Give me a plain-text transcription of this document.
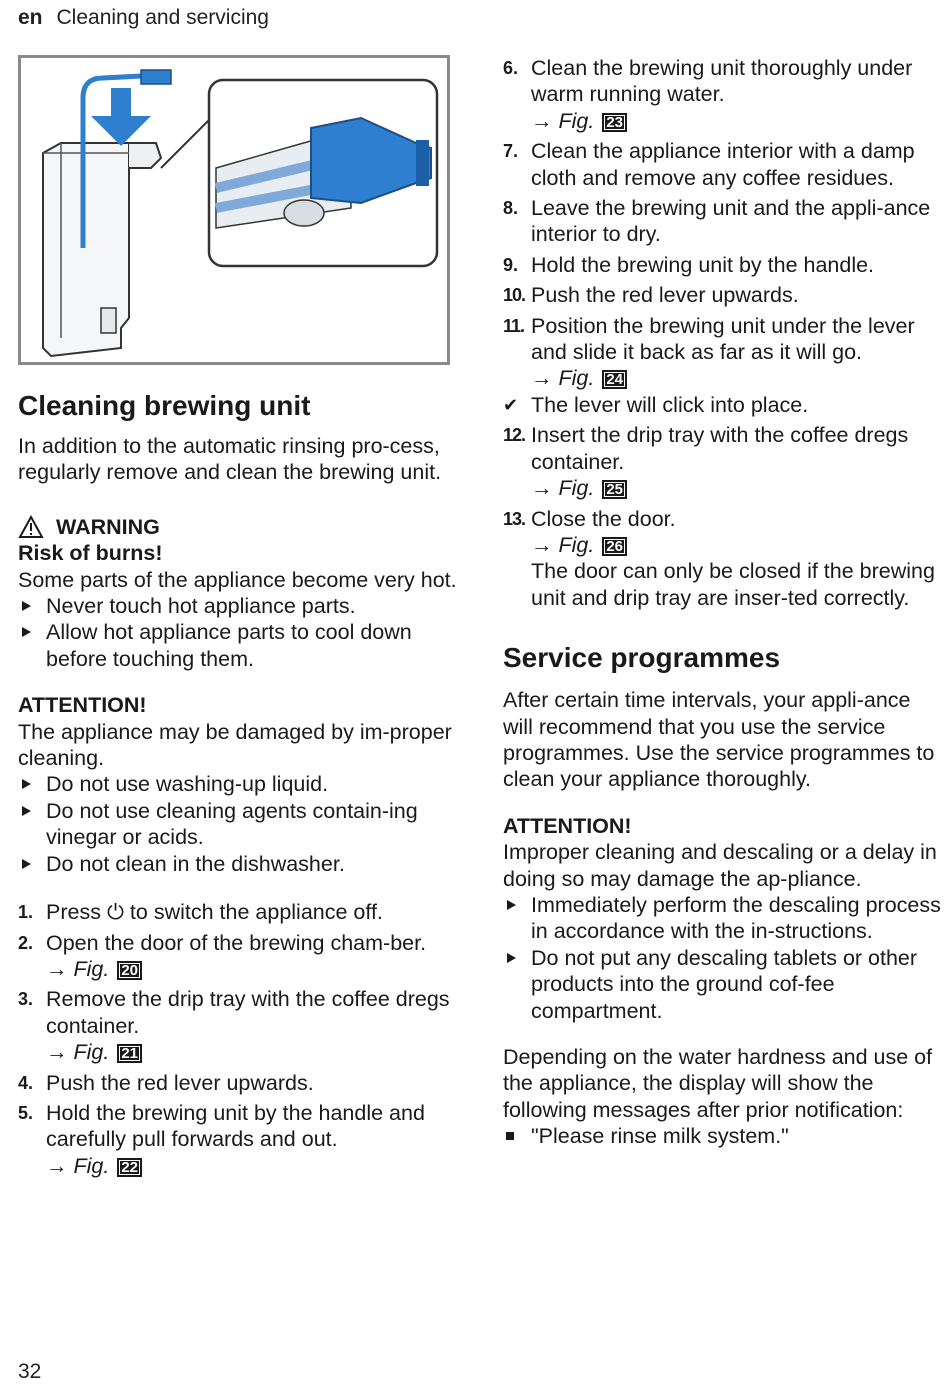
en Cleaning and servicing
Cleaning brewing unit

In addition to the automatic rinsing pro-cess, regularly remove and clean the brewing unit.

WARNING

Risk of burns!

Some parts of the appliance become very hot.

Never touch hot appliance parts.
Allow hot appliance parts to cool down before touching them.

ATTENTION!

The appliance may be damaged by im-proper cleaning.

Do not use washing-up liquid.
Do not use cleaning agents contain-ing vinegar or acids.
Do not clean in the dishwasher.
1. Press ⏻ to switch the appliance off.
2. Open the door of the brewing cham-ber.
→ Fig. 20
3. Remove the drip tray with the coffee dregs container.
→ Fig. 21
4. Push the red lever upwards.
5. Hold the brewing unit by the handle and carefully pull forwards and out.
→ Fig. 22
6. Clean the brewing unit thoroughly under warm running water.
→ Fig. 23
7. Clean the appliance interior with a damp cloth and remove any coffee residues.
8. Leave the brewing unit and the appli-ance interior to dry.
9. Hold the brewing unit by the handle.
10. Push the red lever upwards.
11. Position the brewing unit under the lever and slide it back as far as it will go.
→ Fig. 24
✔ The lever will click into place.
12. Insert the drip tray with the coffee dregs container.
→ Fig. 25
13. Close the door.
→ Fig. 26
The door can only be closed if the brewing unit and drip tray are inser-ted correctly.
Service programmes

After certain time intervals, your appli-ance will recommend that you use the service programmes. Use the service programmes to clean your appliance thoroughly.

ATTENTION!

Improper cleaning and descaling or a delay in doing so may damage the ap-pliance.

Immediately perform the descaling process in accordance with the in-structions.
Do not put any descaling tablets or other products into the ground cof-fee compartment.

Depending on the water hardness and use of the appliance, the display will show the following messages after prior notification:

"Please rinse milk system."
32
